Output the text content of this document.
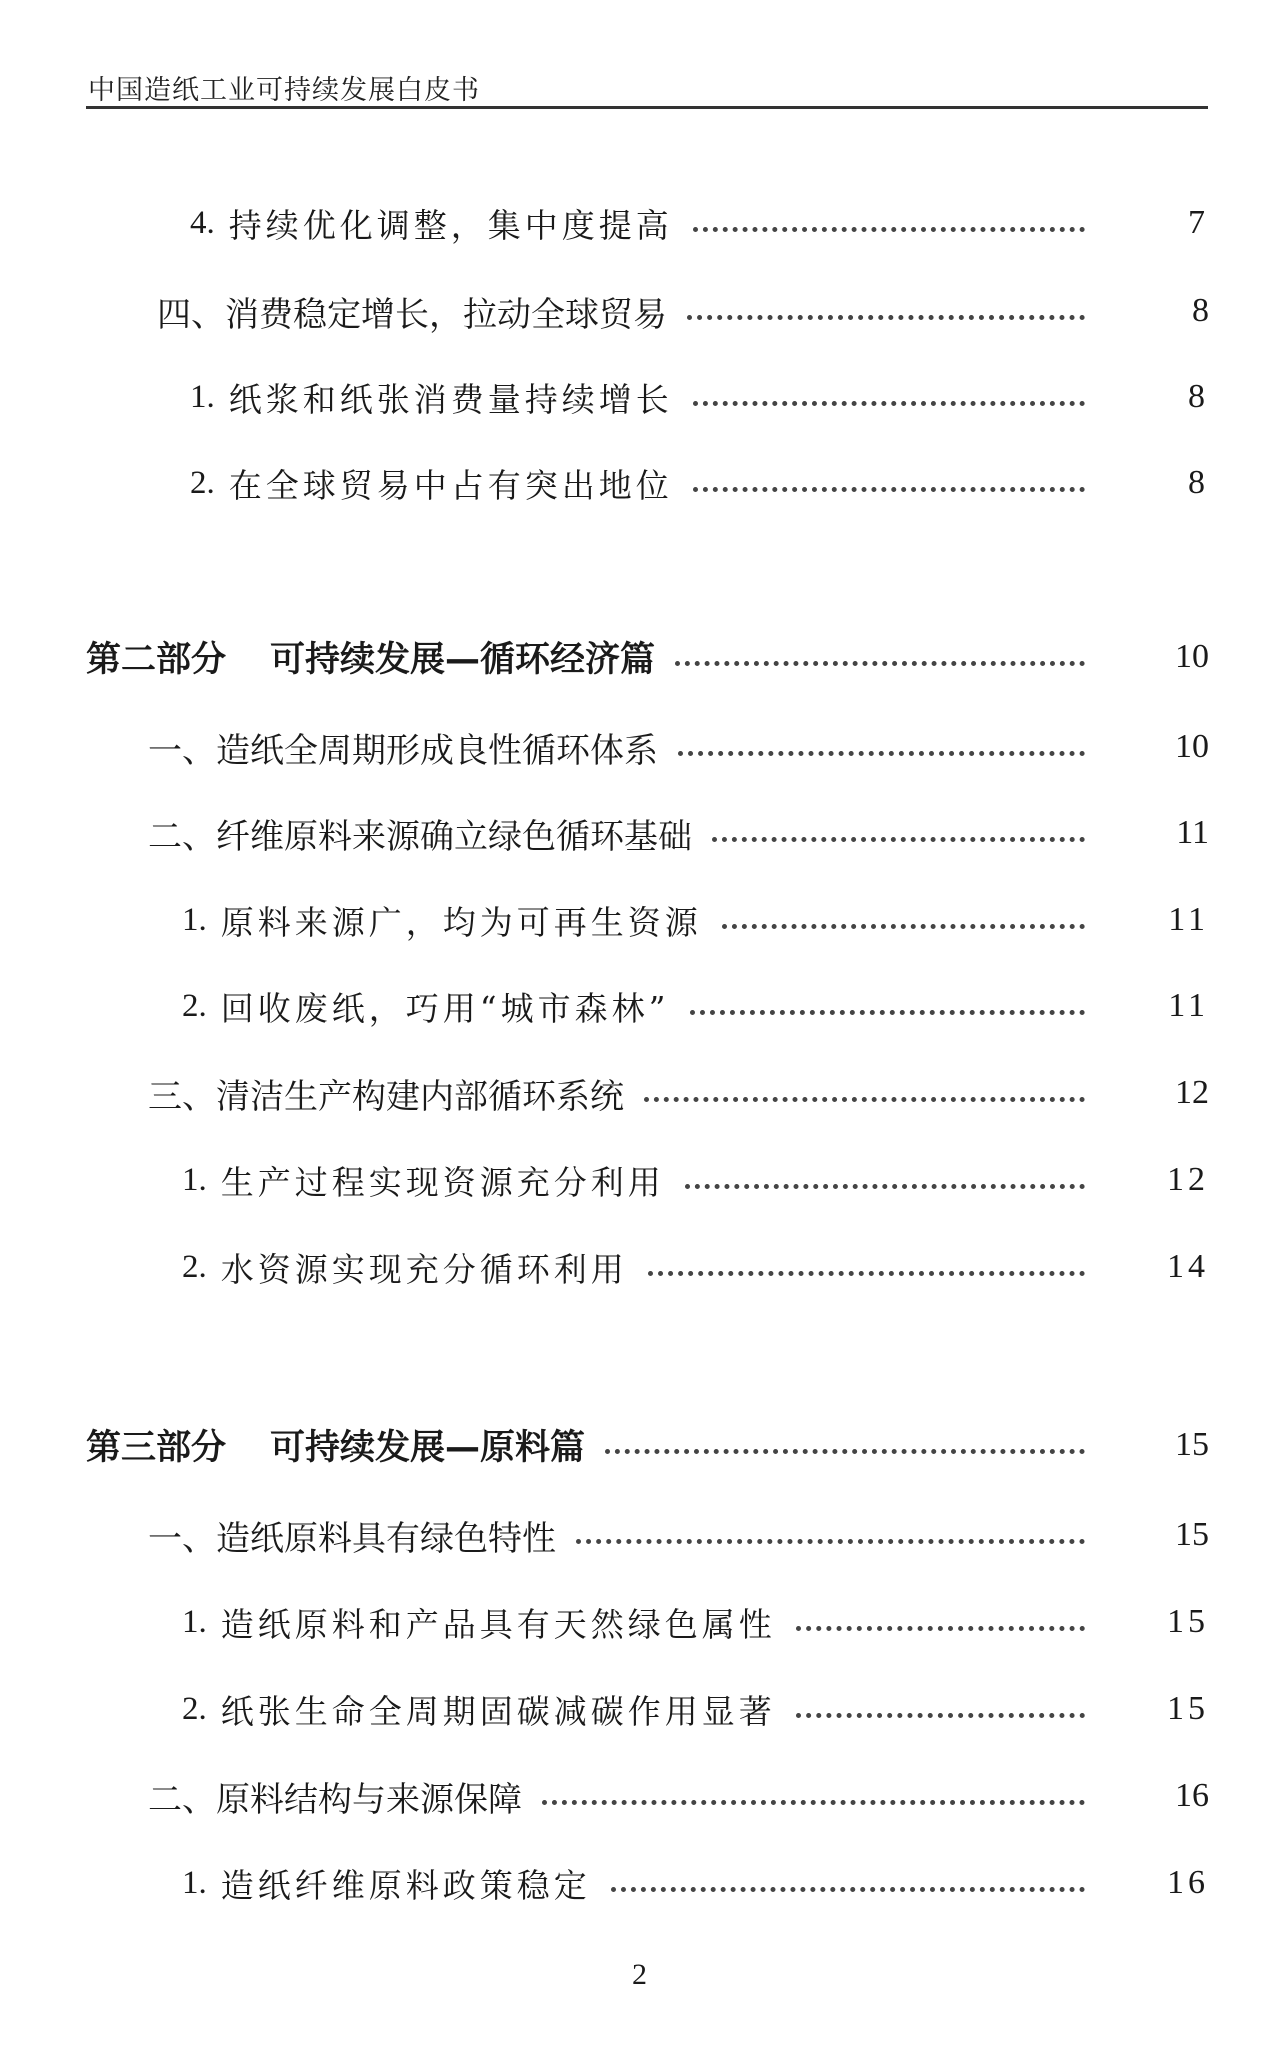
中国造纸工业可持续发展白皮书
4. 持续优化调整，集中度提高	7
四、消费稳定增长，拉动全球贸易	8
1. 纸浆和纸张消费量持续增长	8
2. 在全球贸易中占有突出地位	8
第二部分 可持续发展—循环经济篇	10
一、造纸全周期形成良性循环体系	10
二、纤维原料来源确立绿色循环基础	11
1. 原料来源广，均为可再生资源	11
2. 回收废纸，巧用“城市森林”	11
三、清洁生产构建内部循环系统	12
1. 生产过程实现资源充分利用	12
2. 水资源实现充分循环利用	14
第三部分 可持续发展—原料篇	15
一、造纸原料具有绿色特性	15
1. 造纸原料和产品具有天然绿色属性	15
2. 纸张生命全周期固碳减碳作用显著	15
二、原料结构与来源保障	16
1. 造纸纤维原料政策稳定	16
2
